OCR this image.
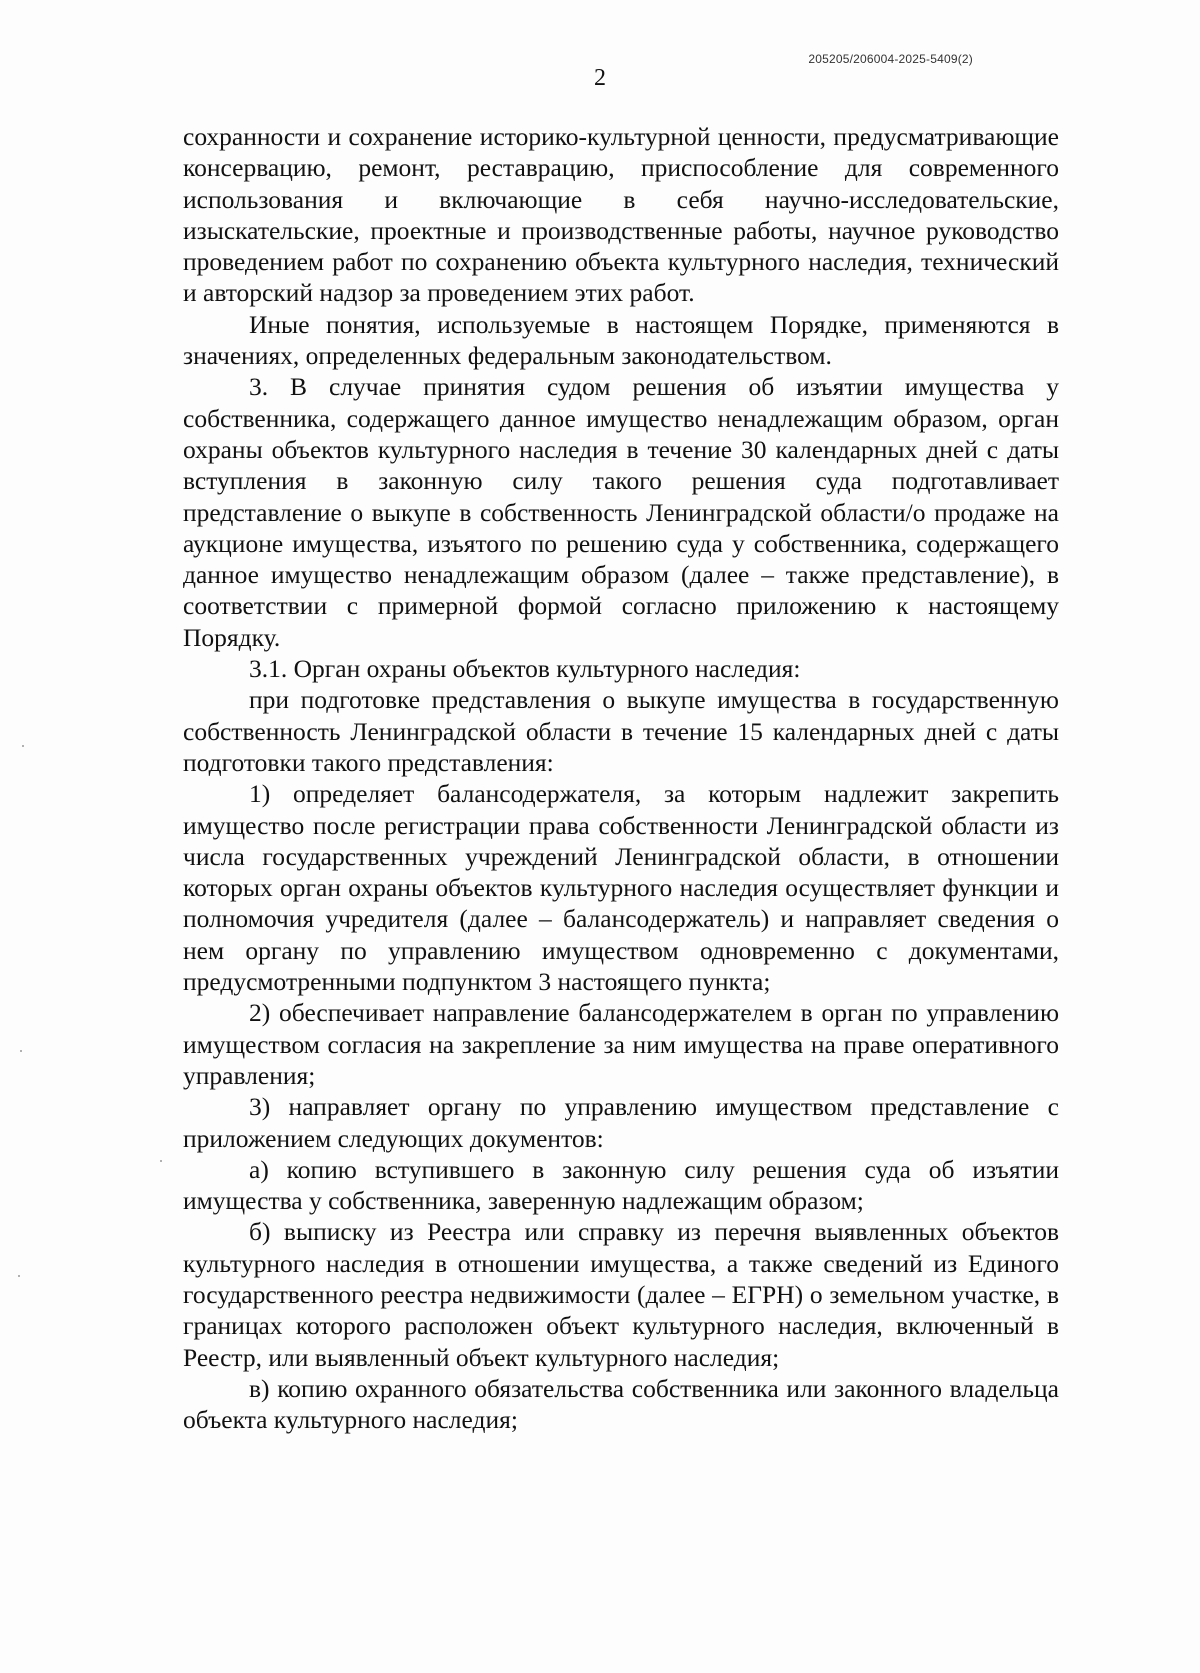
205205/206004-2025-5409(2)
2

сохранности и сохранение историко-культурной ценности, предусматривающие консервацию, ремонт, реставрацию, приспособление для современного использования и включающие в себя научно-исследовательские, изыскательские, проектные и производственные работы, научное руководство проведением работ по сохранению объекта культурного наследия, технический и авторский надзор за проведением этих работ.

Иные понятия, используемые в настоящем Порядке, применяются в значениях, определенных федеральным законодательством.

3. В случае принятия судом решения об изъятии имущества у собственника, содержащего данное имущество ненадлежащим образом, орган охраны объектов культурного наследия в течение 30 календарных дней с даты вступления в законную силу такого решения суда подготавливает представление о выкупе в собственность Ленинградской области/о продаже на аукционе имущества, изъятого по решению суда у собственника, содержащего данное имущество ненадлежащим образом (далее – также представление), в соответствии с примерной формой согласно приложению к настоящему Порядку.

3.1. Орган охраны объектов культурного наследия:

при подготовке представления о выкупе имущества в государственную собственность Ленинградской области в течение 15 календарных дней с даты подготовки такого представления:

1) определяет балансодержателя, за которым надлежит закрепить имущество после регистрации права собственности Ленинградской области из числа государственных учреждений Ленинградской области, в отношении которых орган охраны объектов культурного наследия осуществляет функции и полномочия учредителя (далее – балансодержатель) и направляет сведения о нем органу по управлению имуществом одновременно с документами, предусмотренными подпунктом 3 настоящего пункта;

2) обеспечивает направление балансодержателем в орган по управлению имуществом согласия на закрепление за ним имущества на праве оперативного управления;

3) направляет органу по управлению имуществом представление с приложением следующих документов:

а) копию вступившего в законную силу решения суда об изъятии имущества у собственника, заверенную надлежащим образом;

б) выписку из Реестра или справку из перечня выявленных объектов культурного наследия в отношении имущества, а также сведений из Единого государственного реестра недвижимости (далее – ЕГРН) о земельном участке, в границах которого расположен объект культурного наследия, включенный в Реестр, или выявленный объект культурного наследия;

в) копию охранного обязательства собственника или законного владельца объекта культурного наследия;
